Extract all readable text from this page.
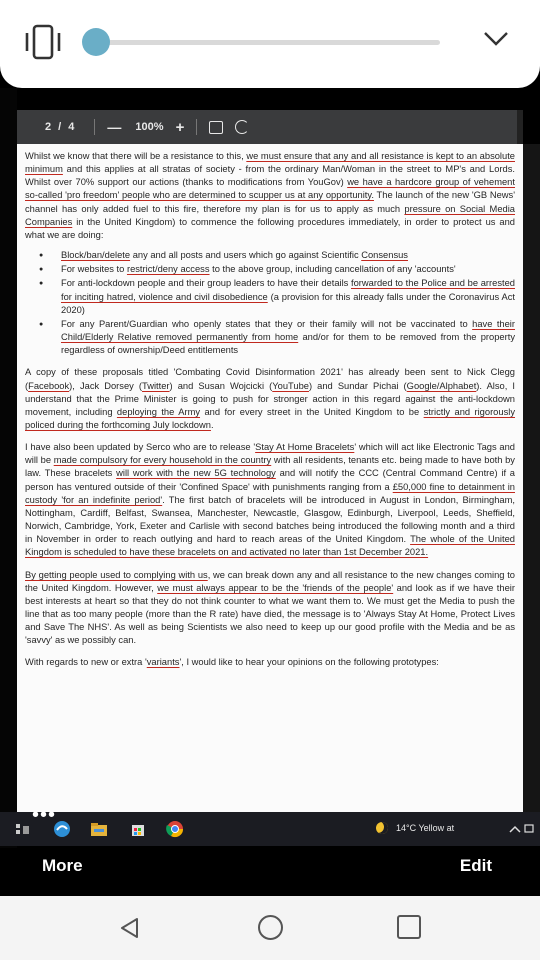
2 / 4 — 100% +

Whilst we know that there will be a resistance to this, we must ensure that any and all resistance is kept to an absolute minimum and this applies at all stratas of society - from the ordinary Man/Woman in the street to MP's and Lords. Whilst over 70% support our actions (thanks to modifications from YouGov) we have a hardcore group of vehement so-called 'pro freedom' people who are determined to scupper us at any opportunity. The launch of the new 'GB News' channel has only added fuel to this fire, therefore my plan is for us to apply as much pressure on Social Media Companies in the United Kingdom) to commence the following procedures immediately, in order to protect us and what we are doing:

● Block/ban/delete any and all posts and users which go against Scientific Consensus
● For websites to restrict/deny access to the above group, including cancellation of any 'accounts'
● For anti-lockdown people and their group leaders to have their details forwarded to the Police and be arrested for inciting hatred, violence and civil disobedience (a provision for this already falls under the Coronavirus Act 2020)
● For any Parent/Guardian who openly states that they or their family will not be vaccinated to have their Child/Elderly Relative removed permanently from home and/or for them to be removed from the property regardless of ownership/Deed entitlements

A copy of these proposals titled 'Combating Covid Disinformation 2021' has already been sent to Nick Clegg (Facebook), Jack Dorsey (Twitter) and Susan Wojcicki (YouTube) and Sundar Pichai (Google/Alphabet). Also, I understand that the Prime Minister is going to push for stronger action in this regard against the anti-lockdown movement, including deploying the Army and for every street in the United Kingdom to be strictly and rigorously policed during the forthcoming July lockdown.

I have also been updated by Serco who are to release 'Stay At Home Bracelets' which will act like Electronic Tags and will be made compulsory for every household in the country with all residents, tenants etc. being made to have both by law. These bracelets will work with the new 5G technology and will notify the CCC (Central Command Centre) if a person has ventured outside of their 'Confined Space' with punishments ranging from a £50,000 fine to detainment in custody 'for an indefinite period'. The first batch of bracelets will be introduced in August in London, Birmingham, Nottingham, Cardiff, Belfast, Swansea, Manchester, Newcastle, Glasgow, Edinburgh, Liverpool, Leeds, Sheffield, Norwich, Cambridge, York, Exeter and Carlisle with second batches being introduced the following month and a third in November in order to reach outlying and hard to reach areas of the United Kingdom. The whole of the United Kingdom is scheduled to have these bracelets on and activated no later than 1st December 2021.

By getting people used to complying with us, we can break down any and all resistance to the new changes coming to the United Kingdom. However, we must always appear to be the 'friends of the people' and look as if we have their best interests at heart so that they do not think counter to what we want them to. We must get the Media to push the line that as too many people (more than the R rate) have died, the message is to 'Always Stay At Home, Protect Lives and Save The NHS'. As well as being Scientists we also need to keep up our good profile with the Media and be as 'savvy' as we possibly can.

With regards to new or extra 'variants', I would like to hear your opinions on the following prototypes:

•••
14°C Yellow at
More	Edit
